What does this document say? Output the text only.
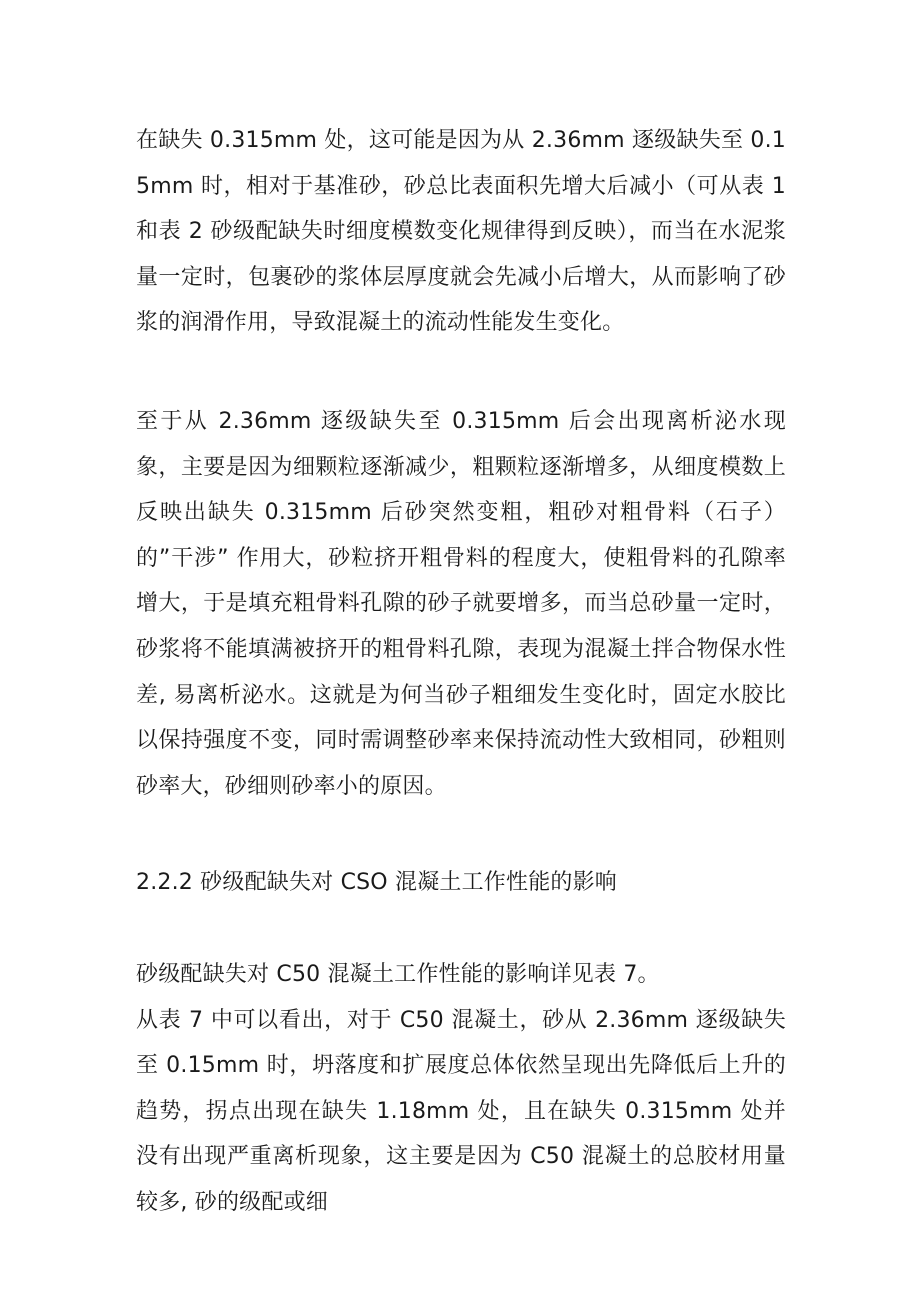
在缺失 0.315mm 处，这可能是因为从 2.36mm 逐级缺失至 0.15mm 时，相对于基准砂，砂总比表面积先增大后减小（可从表 1 和表 2 砂级配缺失时细度模数变化规律得到反映），而当在水泥浆量一定时，包裹砂的浆体层厚度就会先减小后增大，从而影响了砂浆的润滑作用，导致混凝土的流动性能发生变化。

至于从 2.36mm 逐级缺失至 0.315mm 后会出现离析泌水现象，主要是因为细颗粒逐渐减少，粗颗粒逐渐增多，从细度模数上反映出缺失 0.315mm 后砂突然变粗，粗砂对粗骨料（石子）的”干涉” 作用大，砂粒挤开粗骨料的程度大，使粗骨料的孔隙率增大，于是填充粗骨料孔隙的砂子就要增多，而当总砂量一定时，砂浆将不能填满被挤开的粗骨料孔隙，表现为混凝土拌合物保水性差, 易离析泌水。这就是为何当砂子粗细发生变化时，固定水胶比以保持强度不变，同时需调整砂率来保持流动性大致相同，砂粗则砂率大，砂细则砂率小的原因。

2.2.2 砂级配缺失对 CSO 混凝土工作性能的影响

砂级配缺失对 C50 混凝土工作性能的影响详见表 7。

从表 7 中可以看出，对于 C50 混凝土，砂从 2.36mm 逐级缺失至 0.15mm 时，坍落度和扩展度总体依然呈现出先降低后上升的趋势，拐点出现在缺失 1.18mm 处，且在缺失 0.315mm 处并没有出现严重离析现象，这主要是因为 C50 混凝土的总胶材用量较多, 砂的级配或细
